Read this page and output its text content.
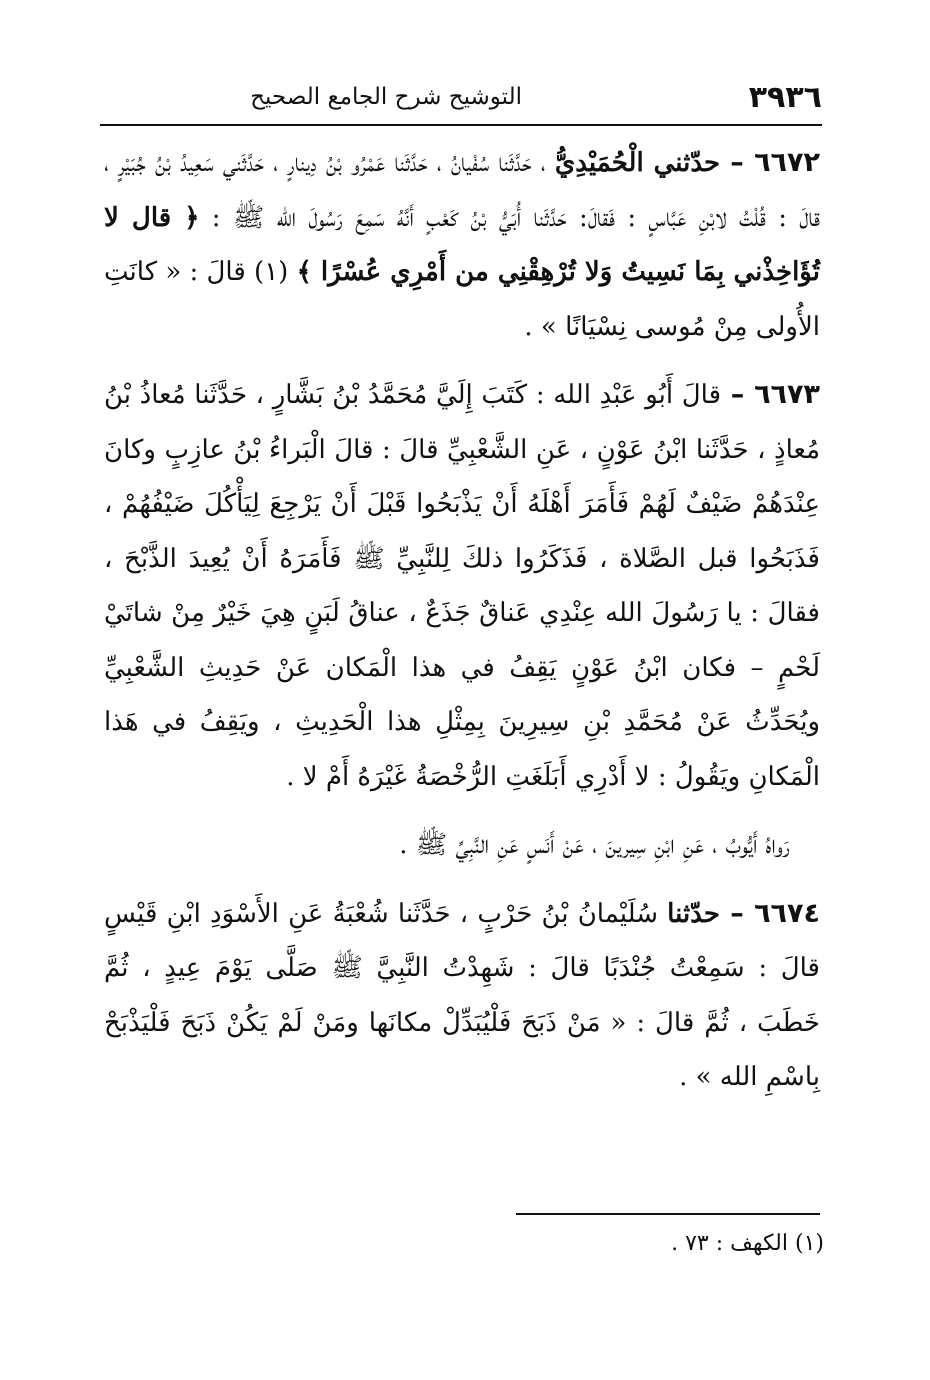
٣٩٣٦
التوشيح شرح الجامع الصحيح

٦٦٧٢ – حدّثني الْحُمَيْدِيُّ ، حَدَّثَنا سُفْيانُ ، حَدَّثَنا عَمْرُو بْنُ دِينارٍ ، حَدَّثَني سَعِيدُ بْنُ جُبَيْرٍ ، قالَ : قُلْتُ لابْنِ عَبَّاسٍ : فَقالَ: حَدَّثَنا أُبَيُّ بْنُ كَعْبٍ أَنَّهُ سَمِعَ رَسُولَ الله ﷺ : ﴿ قال لا تُؤَاخِذْني بِمَا نَسِيتُ وَلا تُرْهِقْنِي من أَمْرِي عُسْرًا ﴾ (١) قالَ : « كانَتِ الأُولى مِنْ مُوسى نِسْيَانًا » .

٦٦٧٣ – قالَ أَبُو عَبْدِ الله : كَتَبَ إِلَيَّ مُحَمَّدُ بْنُ بَشَّارٍ ، حَدَّثَنا مُعاذُ بْنُ مُعاذٍ ، حَدَّثَنا ابْنُ عَوْنٍ ، عَنِ الشَّعْبِيِّ قالَ : قالَ الْبَراءُ بْنُ عازِبٍ وكانَ عِنْدَهُمْ ضَيْفٌ لَهُمْ فَأَمَرَ أَهْلَهُ أَنْ يَذْبَحُوا قَبْلَ أَنْ يَرْجِعَ لِيَأْكُلَ ضَيْفُهُمْ ، فَذَبَحُوا قبل الصَّلاة ، فَذَكَرُوا ذلكَ لِلنَّبِيِّ ﷺ فَأَمَرَهُ أَنْ يُعِيدَ الذَّبْحَ ، فقالَ : يا رَسُولَ الله عِنْدِي عَناقٌ جَذَعٌ ، عناقُ لَبَنٍ هِيَ خَيْرٌ مِنْ شاتَيْ لَحْمٍ – فكان ابْنُ عَوْنٍ يَقِفُ في هذا الْمَكان عَنْ حَدِيثِ الشَّعْبِيِّ ويُحَدِّثُ عَنْ مُحَمَّدِ بْنِ سِيرِينَ بِمِثْلِ هذا الْحَدِيثِ ، ويَقِفُ في هَذا الْمَكانِ ويَقُولُ : لا أَدْرِي أَبَلَغَتِ الرُّخْصَةُ غَيْرَهُ أَمْ لا .

رَواهُ أَيُّوبُ ، عَنِ ابْنِ سِيرينَ ، عَنْ أَنَسٍ عَنِ النَّبِيِّ ﷺ .

٦٦٧٤ – حدّثنا سُلَيْمانُ بْنُ حَرْبٍ ، حَدَّثَنا شُعْبَةُ عَنِ الأَسْوَدِ ابْنِ قَيْسٍ قالَ : سَمِعْتُ جُنْدَبًا قالَ : شَهِدْتُ النَّبِيَّ ﷺ صَلَّى يَوْمَ عِيدٍ ، ثُمَّ خَطَبَ ، ثُمَّ قالَ : « مَنْ ذَبَحَ فَلْيُبَدِّلْ مكانَها ومَنْ لَمْ يَكُنْ ذَبَحَ فَلْيَذْبَحْ بِاسْمِ الله » .

(١) الكهف : ٧٣ .
